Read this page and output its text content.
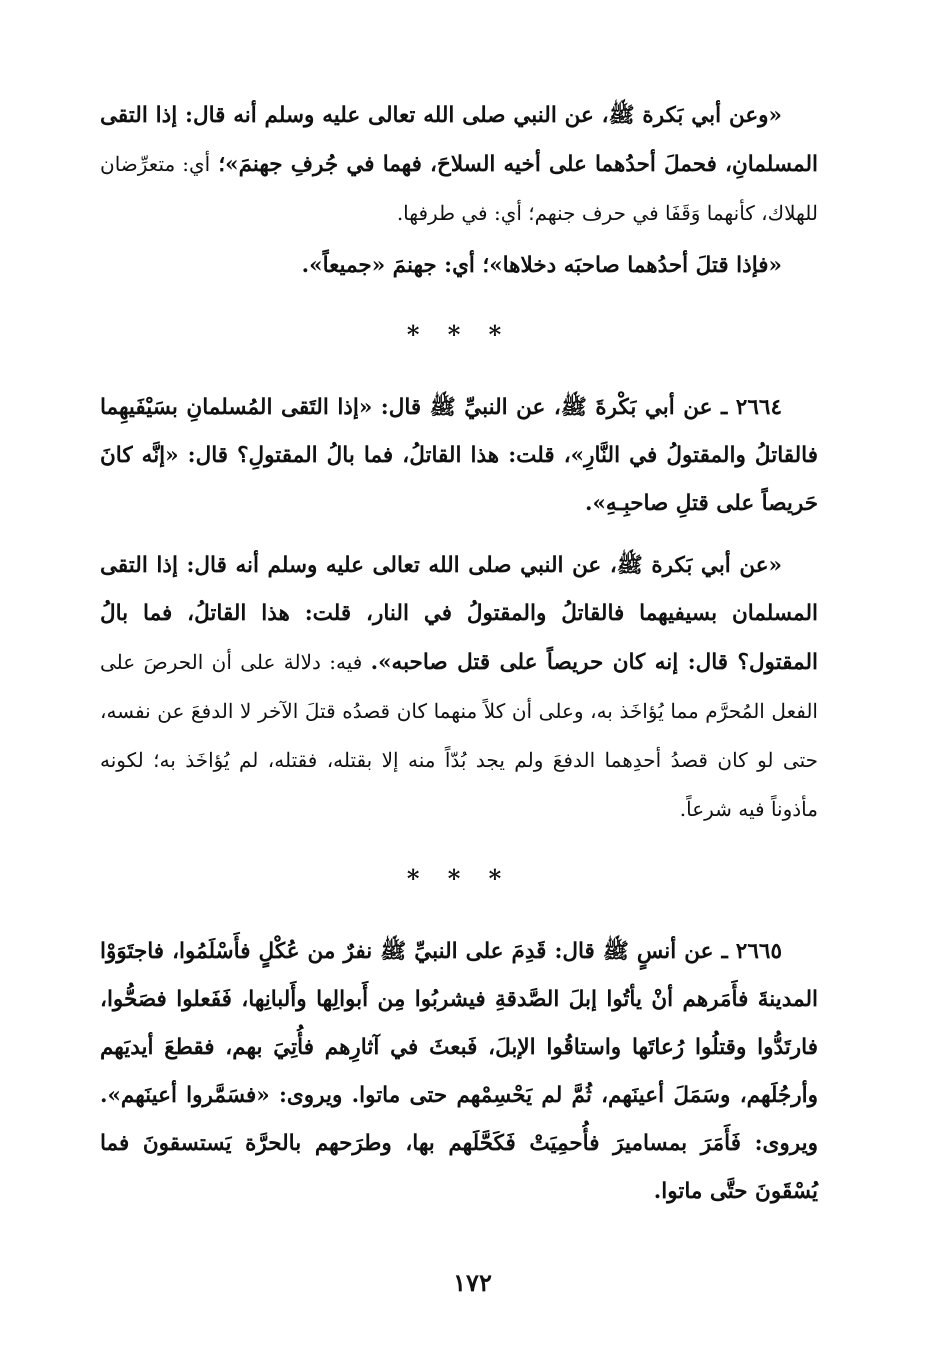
«وعن أبي بَكرة ﷺ، عن النبي صلى الله تعالى عليه وسلم أنه قال: إذا التقى المسلمانِ، فحملَ أحدُهما على أخيه السلاحَ، فهما في جُرفِ جهنمَ»؛ أي: متعرِّضان للهلاك، كأنهما وَقَفَا في حرف جنهم؛ أي: في طرفها.

«فإذا قتلَ أحدُهما صاحبَه دخلاها»؛ أي: جهنمَ «جميعاً».

* * *

٢٦٦٤ ـ عن أبي بَكْرةَ ﷺ، عن النبيِّ ﷺ قال: «إذا التَقى المُسلمانِ بسَيْفَيهِما فالقاتلُ والمقتولُ في النَّارِ»، قلت: هذا القاتلُ، فما بالُ المقتولِ؟ قال: «إنَّه كانَ حَريصاً على قتلِ صاحبِـهِ».

«عن أبي بَكرة ﷺ، عن النبي صلى الله تعالى عليه وسلم أنه قال: إذا التقى المسلمان بسيفيهما فالقاتلُ والمقتولُ في النار، قلت: هذا القاتلُ، فما بالُ المقتول؟ قال: إنه كان حريصاً على قتل صاحبه». فيه: دلالة على أن الحرصَ على الفعل المُحرَّم مما يُؤاخَذ به، وعلى أن كلاً منهما كان قصدُه قتلَ الآخر لا الدفعَ عن نفسه، حتى لو كان قصدُ أحدِهما الدفعَ ولم يجد بُدّاً منه إلا بقتله، فقتله، لم يُؤاخَذ به؛ لكونه مأذوناً فيه شرعاً.

* * *

٢٦٦٥ ـ عن أنسٍ ﷺ قال: قَدِمَ على النبيِّ ﷺ نفرٌ من عُكْلٍ فأَسْلَمُوا، فاجتَوَوْا المدينةَ فأَمَرهم أنْ يأتُوا إبلَ الصَّدقةِ فيشربُوا مِن أَبوالِها وأَلبانِها، فَفَعلوا فصَحُّوا، فارتَدُّوا وقتلُوا رُعاتَها واستاقُوا الإبلَ، فَبعثَ في آثارِهم فأُتِيَ بهم، فقطعَ أيديَهم وأرجُلَهم، وسَمَلَ أعينَهم، ثُمَّ لم يَحْسِمْهم حتى ماتوا. ويروى: «فسَمَّروا أعينَهم». ويروى: فَأَمَرَ بمساميرَ فأُحمِيَتْ فَكَحَّلَهم بها، وطرَحهم بالحرَّة يَستسقونَ فما يُسْقَونَ حتَّى ماتوا.

١٧٢
